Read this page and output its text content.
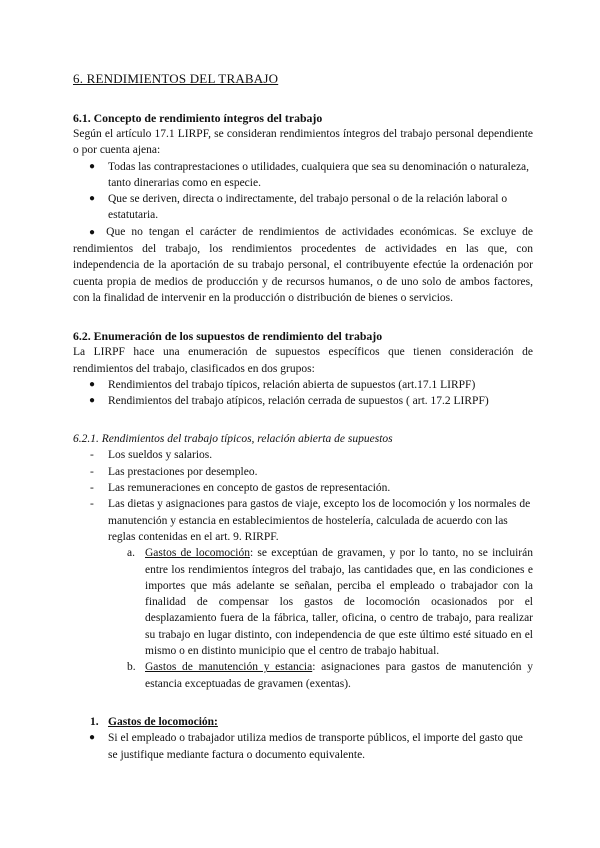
6. RENDIMIENTOS DEL TRABAJO
6.1. Concepto de rendimiento íntegros del trabajo

Según el artículo 17.1 LIRPF, se consideran rendimientos íntegros del trabajo personal dependiente o por cuenta ajena:

● Todas las contraprestaciones o utilidades, cualquiera que sea su denominación o naturaleza, tanto dinerarias como en especie.
● Que se deriven, directa o indirectamente, del trabajo personal o de la relación laboral o estatutaria.

● Que no tengan el carácter de rendimientos de actividades económicas. Se excluye de rendimientos del trabajo, los rendimientos procedentes de actividades en las que, con independencia de la aportación de su trabajo personal, el contribuyente efectúe la ordenación por cuenta propia de medios de producción y de recursos humanos, o de uno solo de ambos factores, con la finalidad de intervenir en la producción o distribución de bienes o servicios.

6.2. Enumeración de los supuestos de rendimiento del trabajo

La LIRPF hace una enumeración de supuestos específicos que tienen consideración de rendimientos del trabajo, clasificados en dos grupos:

● Rendimientos del trabajo típicos, relación abierta de supuestos (art.17.1 LIRPF)
● Rendimientos del trabajo atípicos, relación cerrada de supuestos ( art. 17.2 LIRPF)
6.2.1. Rendimientos del trabajo típicos, relación abierta de supuestos
- Los sueldos y salarios.
- Las prestaciones por desempleo.
- Las remuneraciones en concepto de gastos de representación.
- Las dietas y asignaciones para gastos de viaje, excepto los de locomoción y los normales de manutención y estancia en establecimientos de hostelería, calculada de acuerdo con las reglas contenidas en el art. 9. RIRPF.
a. Gastos de locomoción: se exceptúan de gravamen, y por lo tanto, no se incluirán entre los rendimientos íntegros del trabajo, las cantidades que, en las condiciones e importes que más adelante se señalan, perciba el empleado o trabajador con la finalidad de compensar los gastos de locomoción ocasionados por el desplazamiento fuera de la fábrica, taller, oficina, o centro de trabajo, para realizar su trabajo en lugar distinto, con independencia de que este último esté situado en el mismo o en distinto municipio que el centro de trabajo habitual.
b. Gastos de manutención y estancia: asignaciones para gastos de manutención y estancia exceptuadas de gravamen (exentas).
1. Gastos de locomoción:
● Si el empleado o trabajador utiliza medios de transporte públicos, el importe del gasto que se justifique mediante factura o documento equivalente.
